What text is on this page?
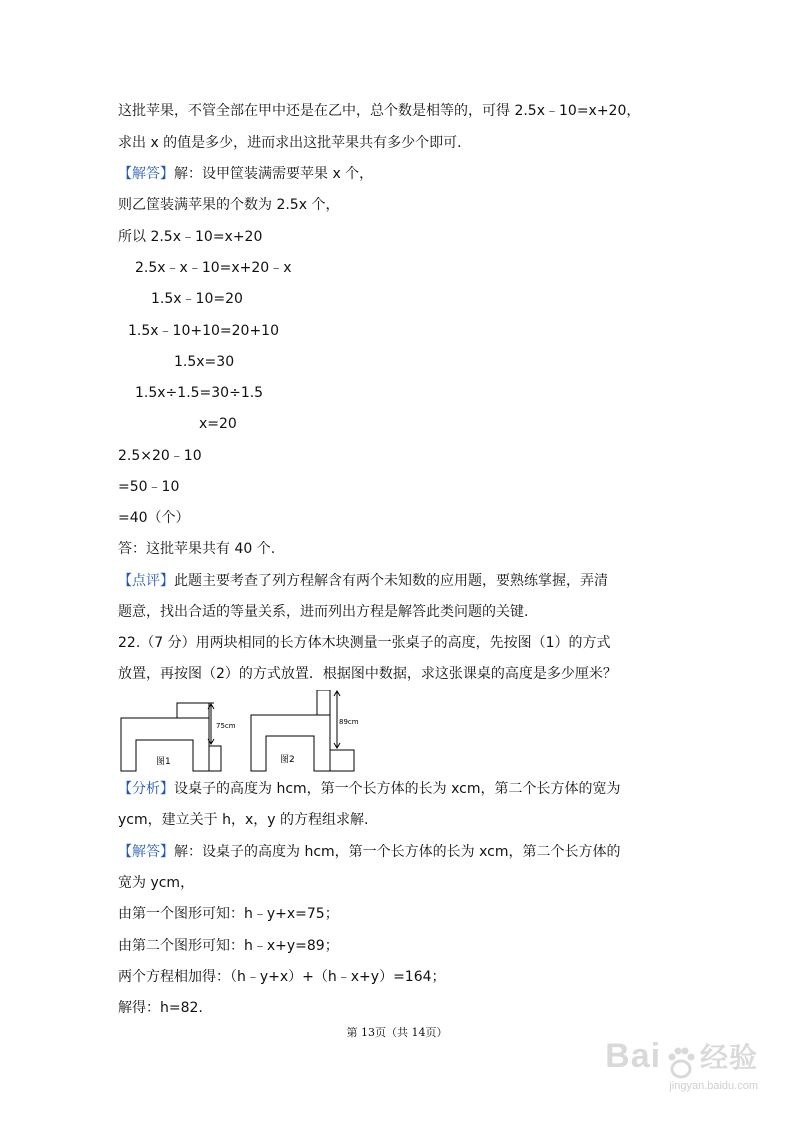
这批苹果，不管全部在甲中还是在乙中，总个数是相等的，可得 2.5x﹣10=x+20，
求出 x 的值是多少，进而求出这批苹果共有多少个即可.
【解答】解：设甲筐装满需要苹果 x 个，
则乙筐装满苹果的个数为 2.5x 个，
所以 2.5x﹣10=x+20
2.5x﹣x﹣10=x+20﹣x
1.5x﹣10=20
1.5x﹣10+10=20+10
1.5x=30
1.5x÷1.5=30÷1.5
x=20
2.5×20﹣10
=50﹣10
=40（个）
答：这批苹果共有 40 个.
【点评】此题主要考查了列方程解含有两个未知数的应用题，要熟练掌握，弄清
题意，找出合适的等量关系，进而列出方程是解答此类问题的关键.
22.（7 分）用两块相同的长方体木块测量一张桌子的高度，先按图（1）的方式
放置，再按图（2）的方式放置．根据图中数据，求这张课桌的高度是多少厘米？
75cm
图1
89cm
图2
【分析】设桌子的高度为 hcm，第一个长方体的长为 xcm，第二个长方体的宽为
ycm，建立关于 h，x，y 的方程组求解.
【解答】解：设桌子的高度为 hcm，第一个长方体的长为 xcm，第二个长方体的
宽为 ycm，
由第一个图形可知：h﹣y+x=75；
由第二个图形可知：h﹣x+y=89；
两个方程相加得：（h﹣y+x）+（h﹣x+y）=164；
解得：h=82.
第 13页（共 14页）
Bai 经验
jingyan.baidu.com
